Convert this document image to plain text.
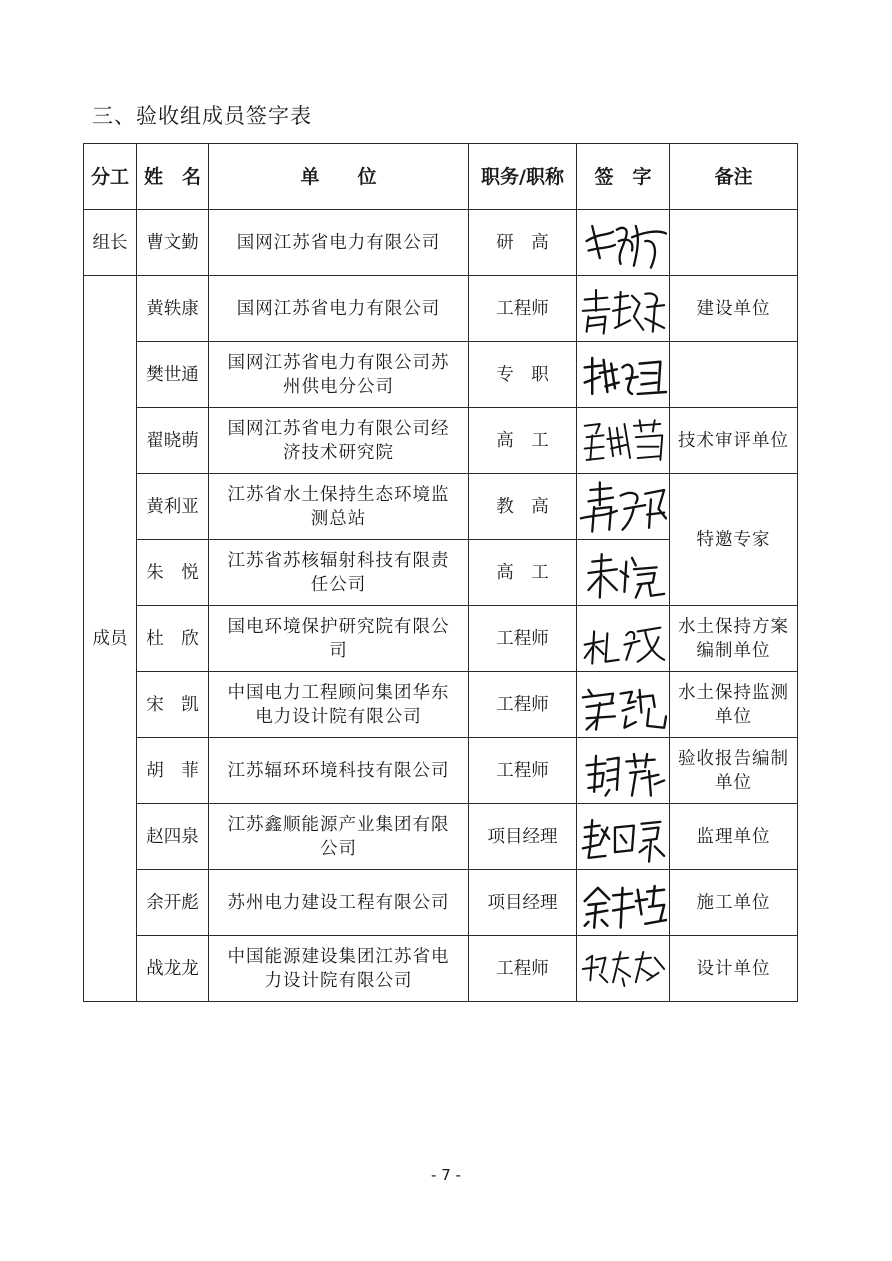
三、验收组成员签字表
分工	姓　名	单　　位	职务/职称	签　字	备注
组长	曹文勤	国网江苏省电力有限公司	研　高	

成员	黄轶康	国网江苏省电力有限公司	工程师		建设单位
	樊世通	国网江苏省电力有限公司苏
州供电分公司	专　职	

	翟晓萌	国网江苏省电力有限公司经
济技术研究院	高　工		技术审评单位
	黄利亚	江苏省水土保持生态环境监
测总站	教　高		特邀专家
	朱　悦	江苏省苏核辐射科技有限责
任公司	高　工	

	杜　欣	国电环境保护研究院有限公
司	工程师		水土保持方案编制单位
	宋　凯	中国电力工程顾问集团华东
电力设计院有限公司	工程师		水土保持监测单位
	胡　菲	江苏辐环环境科技有限公司	工程师		验收报告编制单位
	赵四泉	江苏鑫顺能源产业集团有限
公司	项目经理		监理单位
	余开彪	苏州电力建设工程有限公司	项目经理		施工单位
	战龙龙	中国能源建设集团江苏省电
力设计院有限公司	工程师		设计单位
- 7 -
